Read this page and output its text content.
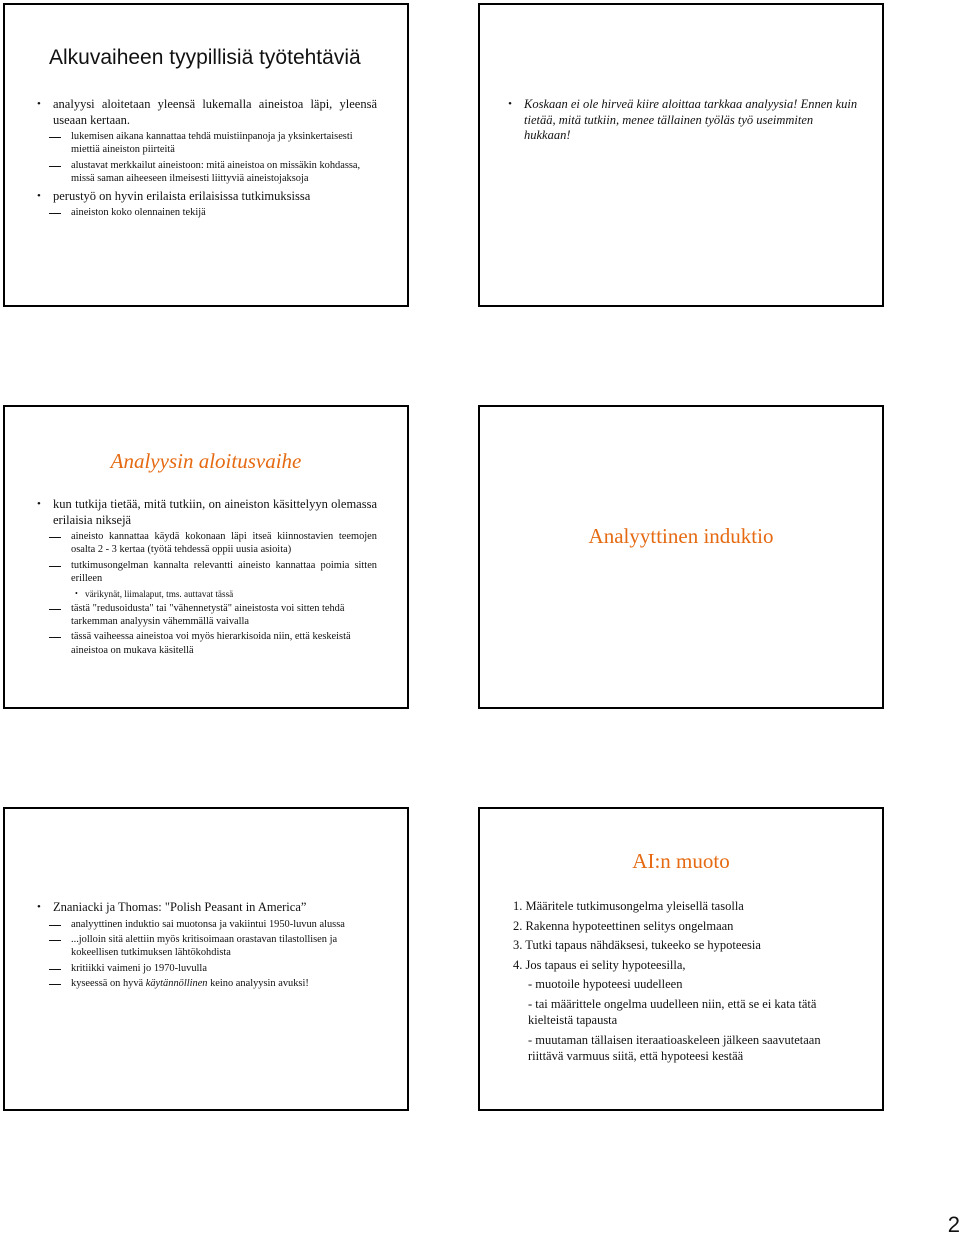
Alkuvaiheen tyypillisiä työtehtäviä
• analyysi aloitetaan yleensä lukemalla aineistoa läpi, yleensä useaan kertaan.
lukemisen aikana kannattaa tehdä muistiinpanoja ja yksinkertaisesti miettiä aineiston piirteitä
alustavat merkkailut aineistoon: mitä aineistoa on missäkin kohdassa, missä saman aiheeseen ilmeisesti liittyviä aineistojaksoja
• perustyö on hyvin erilaista erilaisissa tutkimuksissa
aineiston koko olennainen tekijä
• Koskaan ei ole hirveä kiire aloittaa tarkkaa analyysia! Ennen kuin tietää, mitä tutkiin, menee tällainen työläs työ useimmiten hukkaan!
Analyysin aloitusvaihe
• kun tutkija tietää, mitä tutkiin, on aineiston käsittelyyn olemassa erilaisia niksejä
aineisto kannattaa käydä kokonaan läpi itseä kiinnostavien teemojen osalta 2 - 3 kertaa (työtä tehdessä oppii uusia asioita)
tutkimusongelman kannalta relevantti aineisto kannattaa poimia sitten erilleen
• värikynät, liimalaput, tms. auttavat tässä
tästä "redusoidusta" tai "vähennetystä" aineistosta voi sitten tehdä tarkemman analyysin vähemmällä vaivalla
tässä vaiheessa aineistoa voi myös hierarkisoida niin, että keskeistä aineistoa on mukava käsitellä
Analyyttinen induktio
• Znaniacki ja Thomas: "Polish Peasant in America”
analyyttinen induktio sai muotonsa ja vakiintui 1950-luvun alussa
...jolloin sitä alettiin myös kritisoimaan orastavan tilastollisen ja kokeellisen tutkimuksen lähtökohdista
kritiikki vaimeni jo 1970-luvulla
kyseessä on hyvä käytännöllinen keino analyysin avuksi!
AI:n muoto
1. Määritele tutkimusongelma yleisellä tasolla
2. Rakenna hypoteettinen selitys ongelmaan
3. Tutki tapaus nähdäksesi, tukeeko se hypoteesia
4. Jos tapaus ei selity hypoteesilla,
- muotoile hypoteesi uudelleen
- tai määrittele ongelma uudelleen niin, että se ei kata tätä kielteistä tapausta
- muutaman tällaisen iteraatioaskeleen jälkeen saavutetaan riittävä varmuus siitä, että hypoteesi kestää
2
